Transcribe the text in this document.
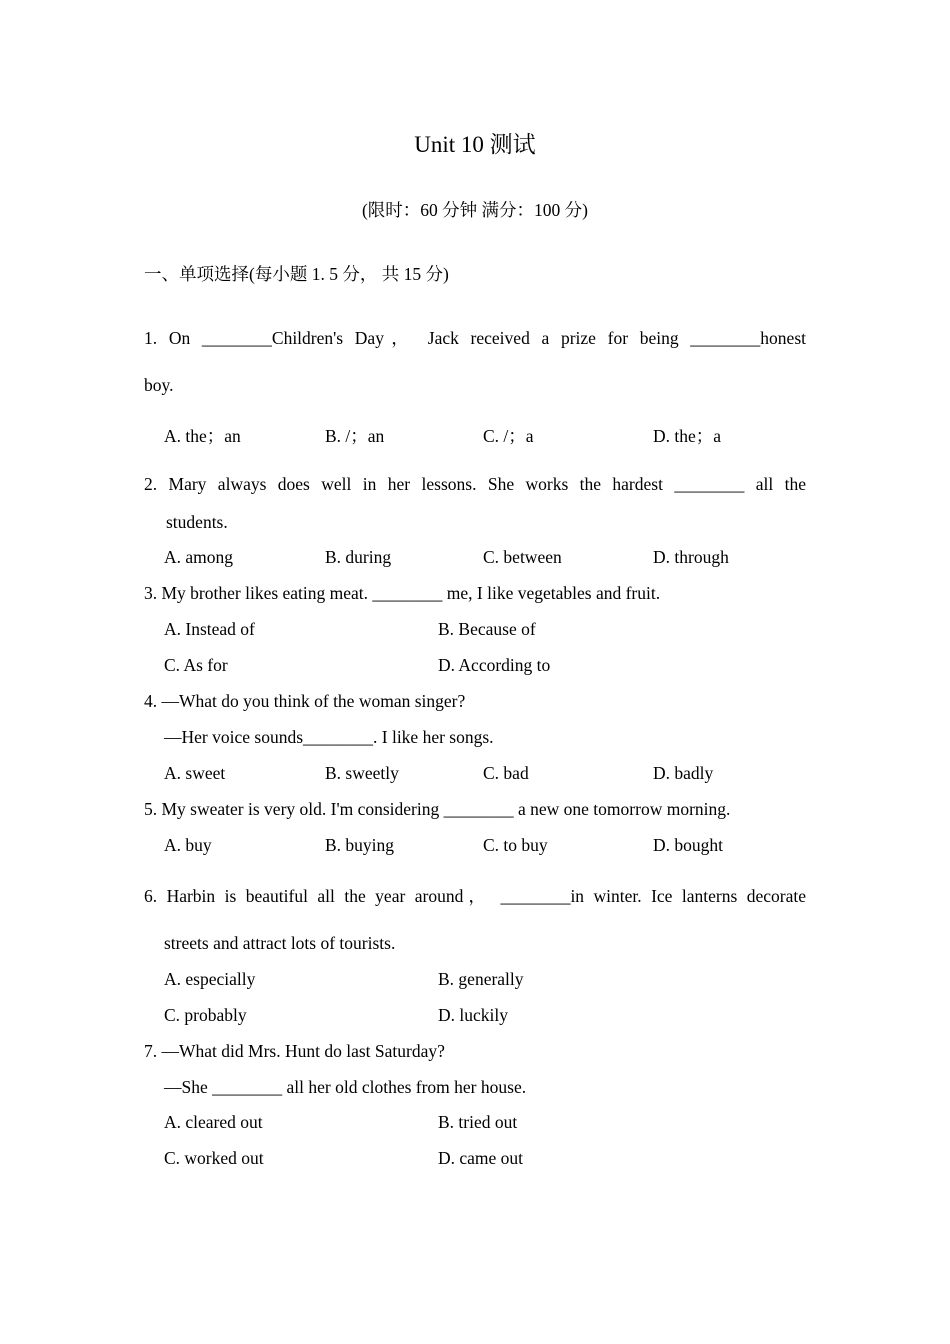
Unit 10 测试
(限时：60 分钟 满分：100 分)
一、单项选择(每小题 1. 5 分， 共 15 分)
1. On ________Children's Day， Jack received a prize for being ________honest
boy.
A. the；an	B. /；an	C. /；a	D. the；a
2. Mary always does well in her lessons. She works the hardest ________ all the
students.
A. among	B. during	C. between	D. through
3. My brother likes eating meat. ________ me, I like vegetables and fruit.
A. Instead of	B. Because of
C. As for	D. According to
4. —What do you think of the woman singer?
—Her voice sounds________. I like her songs.
A. sweet	B. sweetly	C. bad	D. badly
5. My sweater is very old. I'm considering ________ a new one tomorrow morning.
A. buy	B. buying	C. to buy	D. bought
6. Harbin is beautiful all the year around， ________in winter. Ice lanterns decorate
streets and attract lots of tourists.
A. especially	B. generally
C. probably	D. luckily
7. —What did Mrs. Hunt do last Saturday?
—She ________ all her old clothes from her house.
A. cleared out	B. tried out
C. worked out	D. came out
